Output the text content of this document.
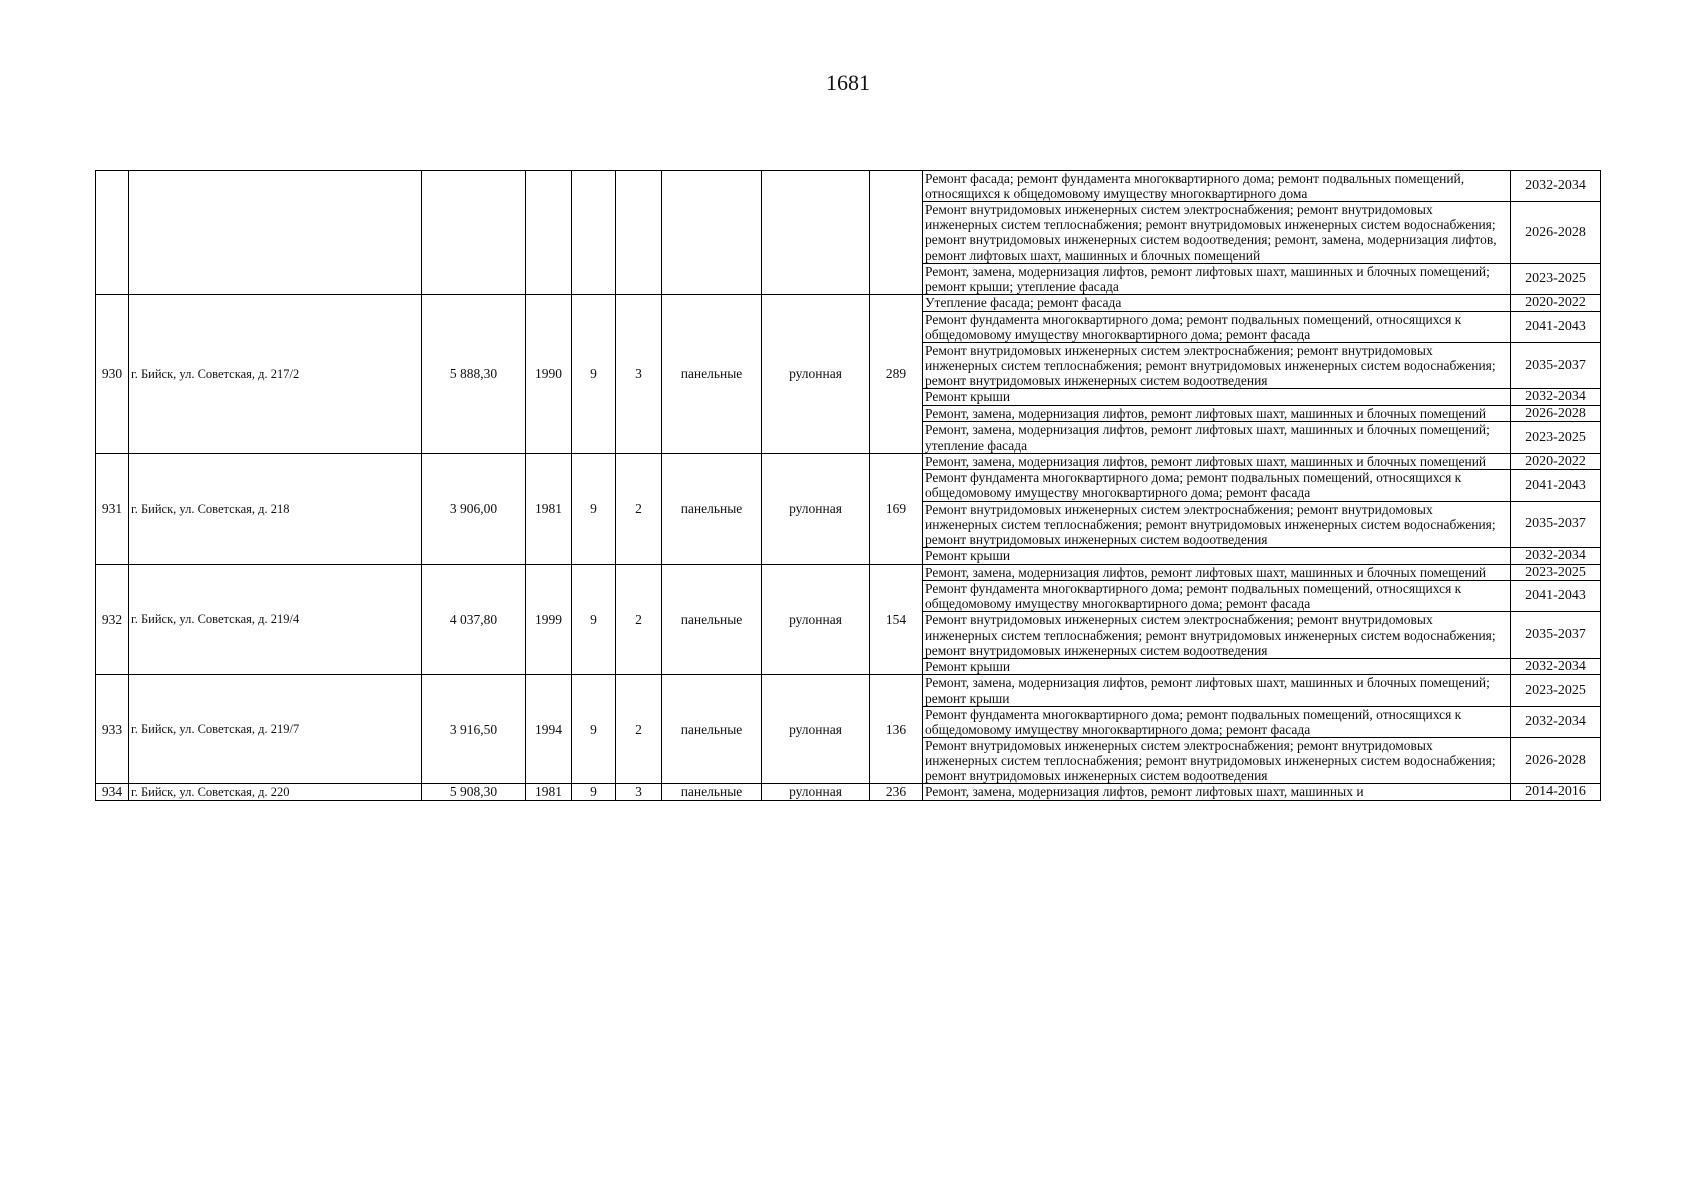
1681
									Ремонт фасада; ремонт фундамента многоквартирного дома; ремонт подвальных помещений, относящихся к общедомовому имуществу многоквартирного дома	2032-2034
									Ремонт внутридомовых инженерных систем электроснабжения; ремонт внутридомовых инженерных систем теплоснабжения; ремонт внутридомовых инженерных систем водоснабжения; ремонт внутридомовых инженерных систем водоотведения; ремонт, замена, модернизация лифтов, ремонт лифтовых шахт, машинных и блочных помещений	2026-2028
									Ремонт, замена, модернизация лифтов, ремонт лифтовых шахт, машинных и блочных помещений; ремонт крыши; утепление фасада	2023-2025
930	г. Бийск, ул. Советская, д. 217/2	5 888,30	1990	9	3	панельные	рулонная	289	Утепление фасада; ремонт фасада	2020-2022
									Ремонт фундамента многоквартирного дома; ремонт подвальных помещений, относящихся к общедомовому имуществу многоквартирного дома; ремонт фасада	2041-2043
									Ремонт внутридомовых инженерных систем электроснабжения; ремонт внутридомовых инженерных систем теплоснабжения; ремонт внутридомовых инженерных систем водоснабжения; ремонт внутридомовых инженерных систем водоотведения	2035-2037
									Ремонт крыши	2032-2034
									Ремонт, замена, модернизация лифтов, ремонт лифтовых шахт, машинных и блочных помещений	2026-2028
									Ремонт, замена, модернизация лифтов, ремонт лифтовых шахт, машинных и блочных помещений; утепление фасада	2023-2025
931	г. Бийск, ул. Советская, д. 218	3 906,00	1981	9	2	панельные	рулонная	169	Ремонт, замена, модернизация лифтов, ремонт лифтовых шахт, машинных и блочных помещений	2020-2022
									Ремонт фундамента многоквартирного дома; ремонт подвальных помещений, относящихся к общедомовому имуществу многоквартирного дома; ремонт фасада	2041-2043
									Ремонт внутридомовых инженерных систем электроснабжения; ремонт внутридомовых инженерных систем теплоснабжения; ремонт внутридомовых инженерных систем водоснабжения; ремонт внутридомовых инженерных систем водоотведения	2035-2037
									Ремонт крыши	2032-2034
932	г. Бийск, ул. Советская, д. 219/4	4 037,80	1999	9	2	панельные	рулонная	154	Ремонт, замена, модернизация лифтов, ремонт лифтовых шахт, машинных и блочных помещений	2023-2025
									Ремонт фундамента многоквартирного дома; ремонт подвальных помещений, относящихся к общедомовому имуществу многоквартирного дома; ремонт фасада	2041-2043
									Ремонт внутридомовых инженерных систем электроснабжения; ремонт внутридомовых инженерных систем теплоснабжения; ремонт внутридомовых инженерных систем водоснабжения; ремонт внутридомовых инженерных систем водоотведения	2035-2037
									Ремонт крыши	2032-2034
933	г. Бийск, ул. Советская, д. 219/7	3 916,50	1994	9	2	панельные	рулонная	136	Ремонт, замена, модернизация лифтов, ремонт лифтовых шахт, машинных и блочных помещений; ремонт крыши	2023-2025
									Ремонт фундамента многоквартирного дома; ремонт подвальных помещений, относящихся к общедомовому имуществу многоквартирного дома; ремонт фасада	2032-2034
									Ремонт внутридомовых инженерных систем электроснабжения; ремонт внутридомовых инженерных систем теплоснабжения; ремонт внутридомовых инженерных систем водоснабжения; ремонт внутридомовых инженерных систем водоотведения	2026-2028
934	г. Бийск, ул. Советская, д. 220	5 908,30	1981	9	3	панельные	рулонная	236	Ремонт, замена, модернизация лифтов, ремонт лифтовых шахт, машинных и	2014-2016
